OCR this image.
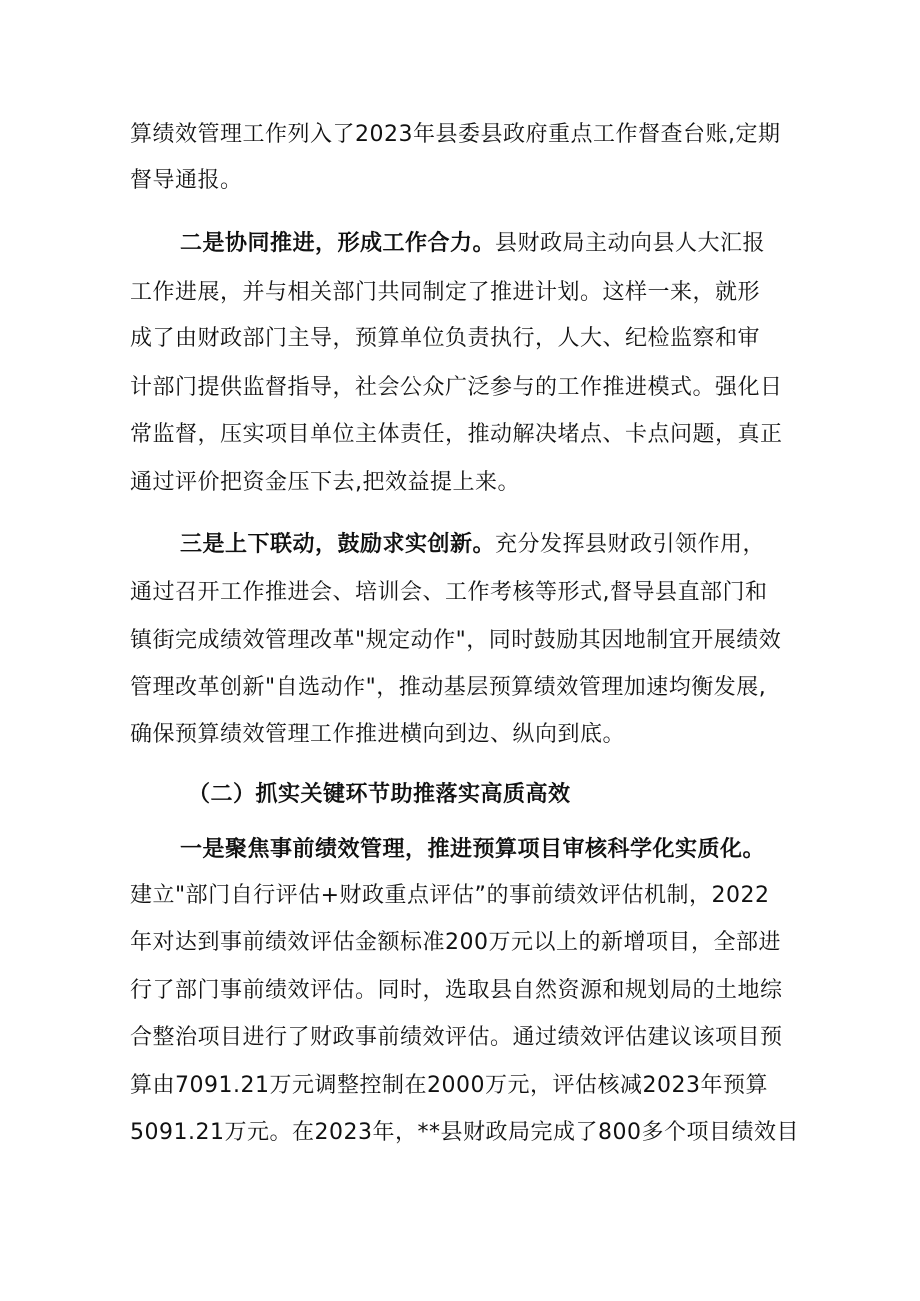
算绩效管理工作列入了2023年县委县政府重点工作督查台账,定期
督导通报。
二是协同推进，形成工作合力。县财政局主动向县人大汇报
工作进展，并与相关部门共同制定了推进计划。这样一来，就形
成了由财政部门主导，预算单位负责执行，人大、纪检监察和审
计部门提供监督指导，社会公众广泛参与的工作推进模式。强化日
常监督，压实项目单位主体责任，推动解决堵点、卡点问题，真正
通过评价把资金压下去,把效益提上来。
三是上下联动，鼓励求实创新。充分发挥县财政引领作用，
通过召开工作推进会、培训会、工作考核等形式,督导县直部门和
镇街完成绩效管理改革"规定动作"，同时鼓励其因地制宜开展绩效
管理改革创新"自选动作"，推动基层预算绩效管理加速均衡发展,
确保预算绩效管理工作推进横向到边、纵向到底。
（二）抓实关键环节助推落实高质高效
一是聚焦事前绩效管理，推进预算项目审核科学化实质化。
建立"部门自行评估+财政重点评估”的事前绩效评估机制，2022
年对达到事前绩效评估金额标准200万元以上的新增项目，全部进
行了部门事前绩效评估。同时，选取县自然资源和规划局的土地综
合整治项目进行了财政事前绩效评估。通过绩效评估建议该项目预
算由7091.21万元调整控制在2000万元，评估核减2023年预算
5091.21万元。在2023年，**县财政局完成了800多个项目绩效目
